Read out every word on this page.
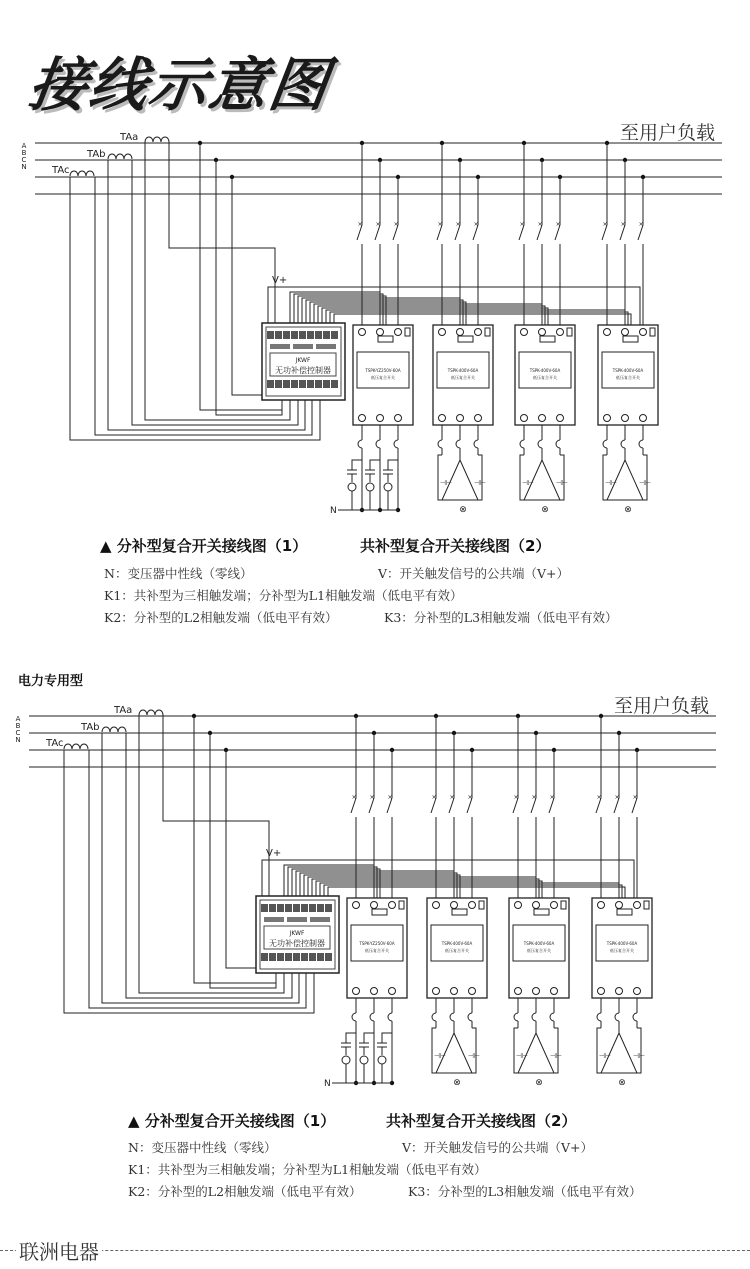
接线示意图
A
B
C
N
TAa
TAb
TAc
JKWF
无功补偿控制器
V+
× × ×
TSPK-YZ250V-60A
低压复合开关
N
× × ×
TSPK-400V-60A
低压复合开关
⊗
⊣⊢	⊣⊢
× × ×
TSPK-400V-60A
低压复合开关
⊗
⊣⊢	⊣⊢
× × ×
TSPK-400V-60A
低压复合开关
⊗
⊣⊢	⊣⊢
A
B
C
N
TAa
TAb
TAc
JKWF
无功补偿控制器
V+
× × ×
TSPK-YZ250V-60A
低压复合开关
N
× × ×
TSPK-400V-60A
低压复合开关
⊗
⊣⊢	⊣⊢
× × ×
TSPK-400V-60A
低压复合开关
⊗
⊣⊢	⊣⊢
× × ×
TSPK-400V-60A
低压复合开关
⊗
⊣⊢	⊣⊢
至用户负载
▲ 分补型复合开关接线图（1）	共补型复合开关接线图（2）
N：变压器中性线（零线）	V：开关触发信号的公共端（V+）
K1：共补型为三相触发端；分补型为L1相触发端（低电平有效）
K2：分补型的L2相触发端（低电平有效）	K3：分补型的L3相触发端（低电平有效）
电力专用型
至用户负载
▲ 分补型复合开关接线图（1）	共补型复合开关接线图（2）
N：变压器中性线（零线）	V：开关触发信号的公共端（V+）
K1：共补型为三相触发端；分补型为L1相触发端（低电平有效）
K2：分补型的L2相触发端（低电平有效）	K3：分补型的L3相触发端（低电平有效）
联洲电器
